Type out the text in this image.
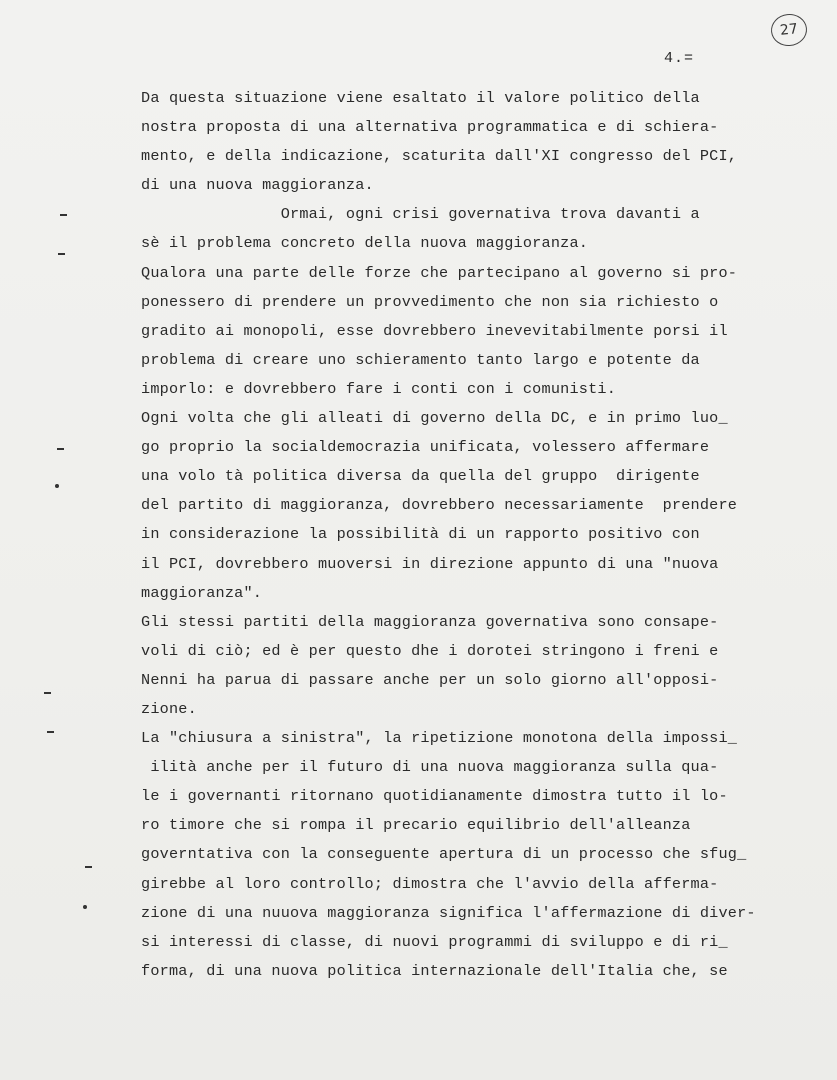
27
4.=
Da questa situazione viene esaltato il valore politico della
nostra proposta di una alternativa programmatica e di schiera-
mento, e della indicazione, scaturita dall'XI congresso del PCI,
di una nuova maggioranza.
Ormai, ogni crisi governativa trova davanti a
sè il problema concreto della nuova maggioranza.
Qualora una parte delle forze che partecipano al governo si pro-
ponessero di prendere un provvedimento che non sia richiesto o
gradito ai monopoli, esse dovrebbero inevevitabilmente porsi il
problema di creare uno schieramento tanto largo e potente da
imporlo: e dovrebbero fare i conti con i comunisti.
Ogni volta che gli alleati di governo della DC, e in primo luo_
go proprio la socialdemocrazia unificata, volessero affermare
una volo tà politica diversa da quella del gruppo  dirigente
del partito di maggioranza, dovrebbero necessariamente  prendere
in considerazione la possibilità di un rapporto positivo con
il PCI, dovrebbero muoversi in direzione appunto di una "nuova
maggioranza".
Gli stessi partiti della maggioranza governativa sono consape-
voli di ciò; ed è per questo dhe i dorotei stringono i freni e
Nenni ha parua di passare anche per un solo giorno all'opposi-
zione.
La "chiusura a sinistra", la ripetizione monotona della impossi_
ilità anche per il futuro di una nuova maggioranza sulla qua-
le i governanti ritornano quotidianamente dimostra tutto il lo-
ro timore che si rompa il precario equilibrio dell'alleanza
governtativa con la conseguente apertura di un processo che sfug_
girebbe al loro controllo; dimostra che l'avvio della afferma-
zione di una nuuova maggioranza significa l'affermazione di diver-
si interessi di classe, di nuovi programmi di sviluppo e di ri_
forma, di una nuova politica internazionale dell'Italia che, se
